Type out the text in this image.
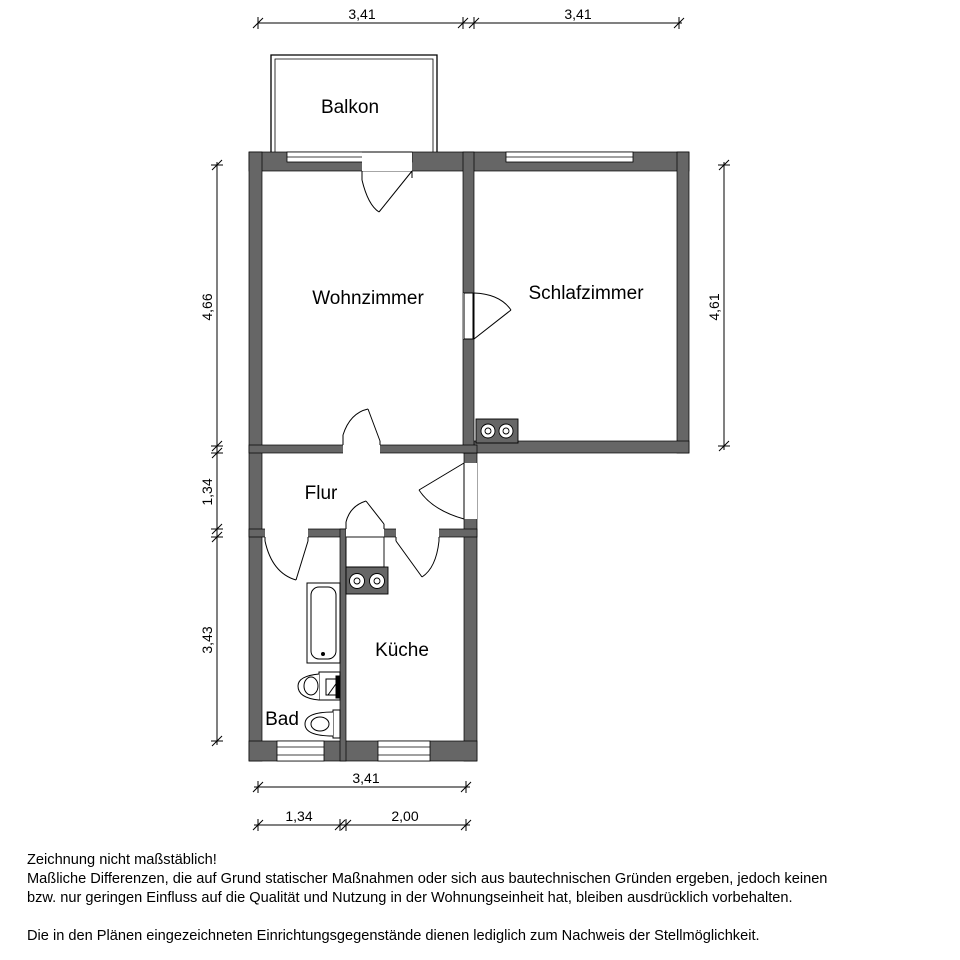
3,41	3,41
4,66
1,34
3,43
4,61
3,41
1,34	2,00
Balkon
Wohnzimmer	Schlafzimmer
Flur
Küche
Bad
Zeichnung nicht maßstäblich!
Maßliche Differenzen, die auf Grund statischer Maßnahmen oder sich aus bautechnischen Gründen ergeben, jedoch keinen
bzw. nur geringen Einfluss auf die Qualität und Nutzung in der Wohnungseinheit hat, bleiben ausdrücklich vorbehalten.
Die in den Plänen eingezeichneten Einrichtungsgegenstände dienen lediglich zum Nachweis der Stellmöglichkeit.
